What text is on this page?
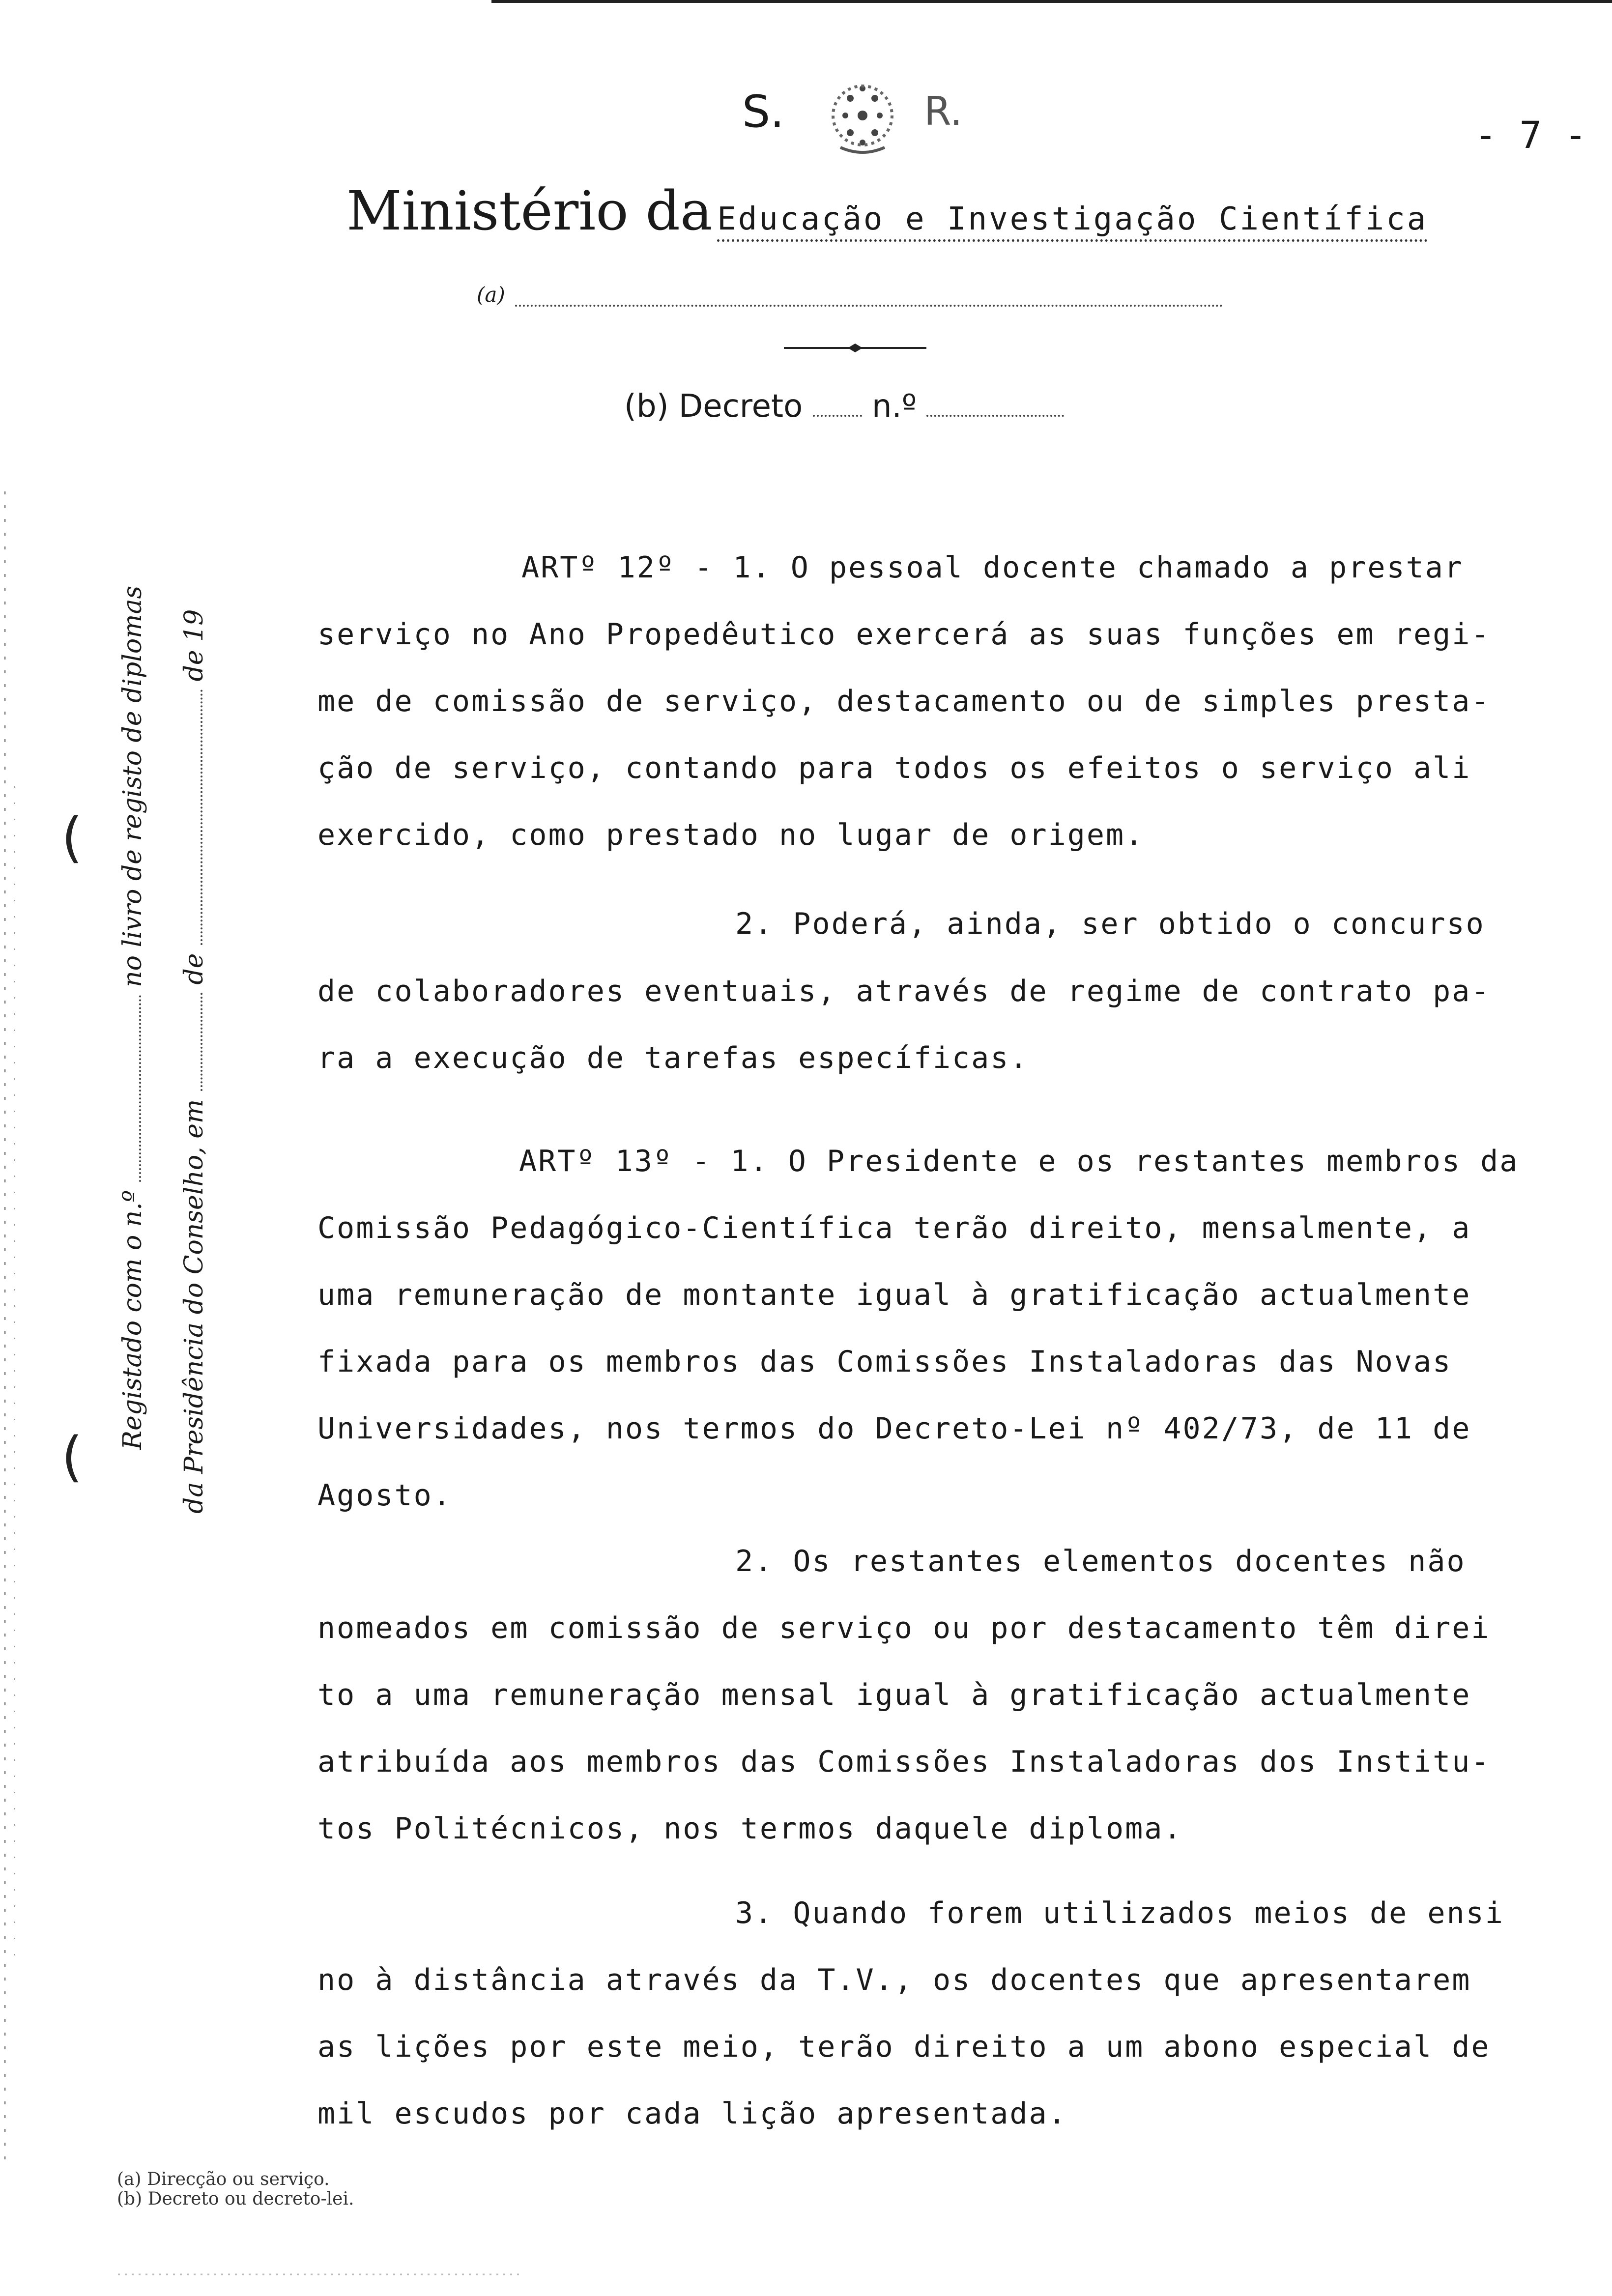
S.	R.
- 7 -
Ministério da Educação e Investigação Científica
(a)
(b) Decreto n.º
(
(
Registado com o n.º  no livro de registo de diplomas
da Presidência do Conselho, em  de  de 19
ARTº 12º - 1. O pessoal docente chamado a prestar
serviço no Ano Propedêutico exercerá as suas funções em regi-
me de comissão de serviço, destacamento ou de simples presta-
ção de serviço, contando para todos os efeitos o serviço ali
exercido, como prestado no lugar de origem.
2. Poderá, ainda, ser obtido o concurso
de colaboradores eventuais, através de regime de contrato pa-
ra a execução de tarefas específicas.
ARTº 13º - 1. O Presidente e os restantes membros da
Comissão Pedagógico-Científica terão direito, mensalmente, a
uma remuneração de montante igual à gratificação actualmente
fixada para os membros das Comissões Instaladoras das Novas
Universidades, nos termos do Decreto-Lei nº 402/73, de 11 de
Agosto.
2. Os restantes elementos docentes não
nomeados em comissão de serviço ou por destacamento têm direi
to a uma remuneração mensal igual à gratificação actualmente
atribuída aos membros das Comissões Instaladoras dos Institu-
tos Politécnicos, nos termos daquele diploma.
3. Quando forem utilizados meios de ensi
no à distância através da T.V., os docentes que apresentarem
as lições por este meio, terão direito a um abono especial de
mil escudos por cada lição apresentada.
(a) Direcção ou serviço.
(b) Decreto ou decreto-lei.
